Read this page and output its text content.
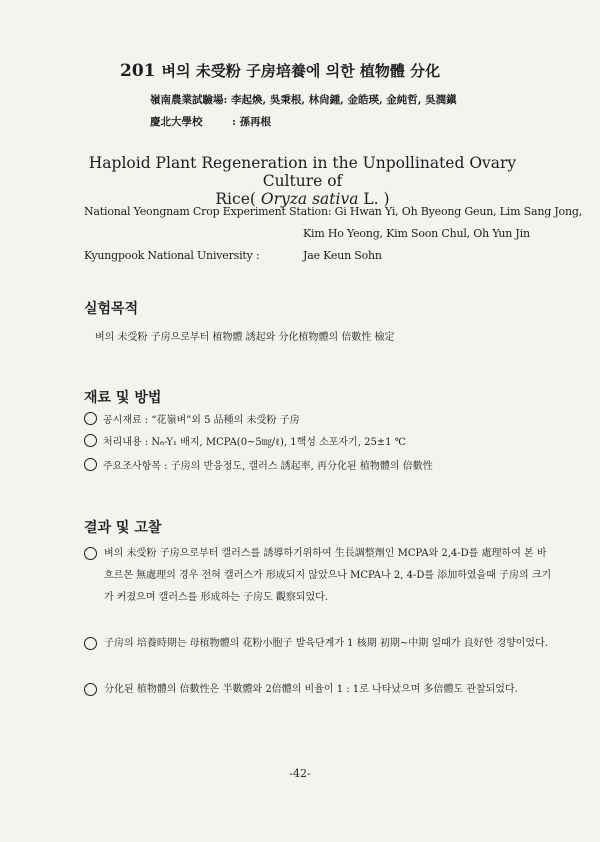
201 벼의 未受粉 子房培養에 의한 植物體 分化
嶺南農業試驗場: 李起煥, 吳秉根, 林尙鍾, 金皓瑛, 金純哲, 吳潤鎭
慶北大學校	: 孫再根
Haploid Plant Regeneration in the Unpollinated Ovary Culture of
Rice( Oryza sativa L. )
National Yeongnam Crop Experiment Station: Gi Hwan Yi, Oh Byeong Geun, Lim Sang Jong,
Kim Ho Yeong, Kim Soon Chul, Oh Yun Jin
Kyungpook National University :	Jae Keun Sohn
실험목적
벼의 未受粉 子房으로부터 植物體 誘起와 分化植物體의 倍數性 檢定
재료 및 방법
공시재료 : “花嶺벼”외 5 品種의 未受粉 子房
처리내용 : N₆-Y₁ 배지, MCPA(0~5㎎/ℓ), 1핵성 소포자기, 25±1 ℃
주요조사항목 : 子房의 반응정도, 캘러스 誘起率, 再分化된 植物體의 倍數性
결과 및 고찰
벼의 未受粉 子房으로부터 캘러스를 誘導하기위하여 生長調整劑인 MCPA와 2,4-D를 處理하여 본 바 흐르몬 無處理의 경우 전혀 캘러스가 形成되지 않았으나 MCPA나 2, 4-D를 添加하였을때 子房의 크기가 커졌으며 캘러스를 形成하는 子房도 觀察되었다.
子房의 培養時期는 母植物體의 花粉小胞子 발육단계가 1 核期 初期~中期 일때가 良好한 경향이었다.
分化된 植物體의 倍數性은 半數體와 2倍體의 비율이 1 : 1로 나타났으며 多倍體도 관찰되었다.
-42-
